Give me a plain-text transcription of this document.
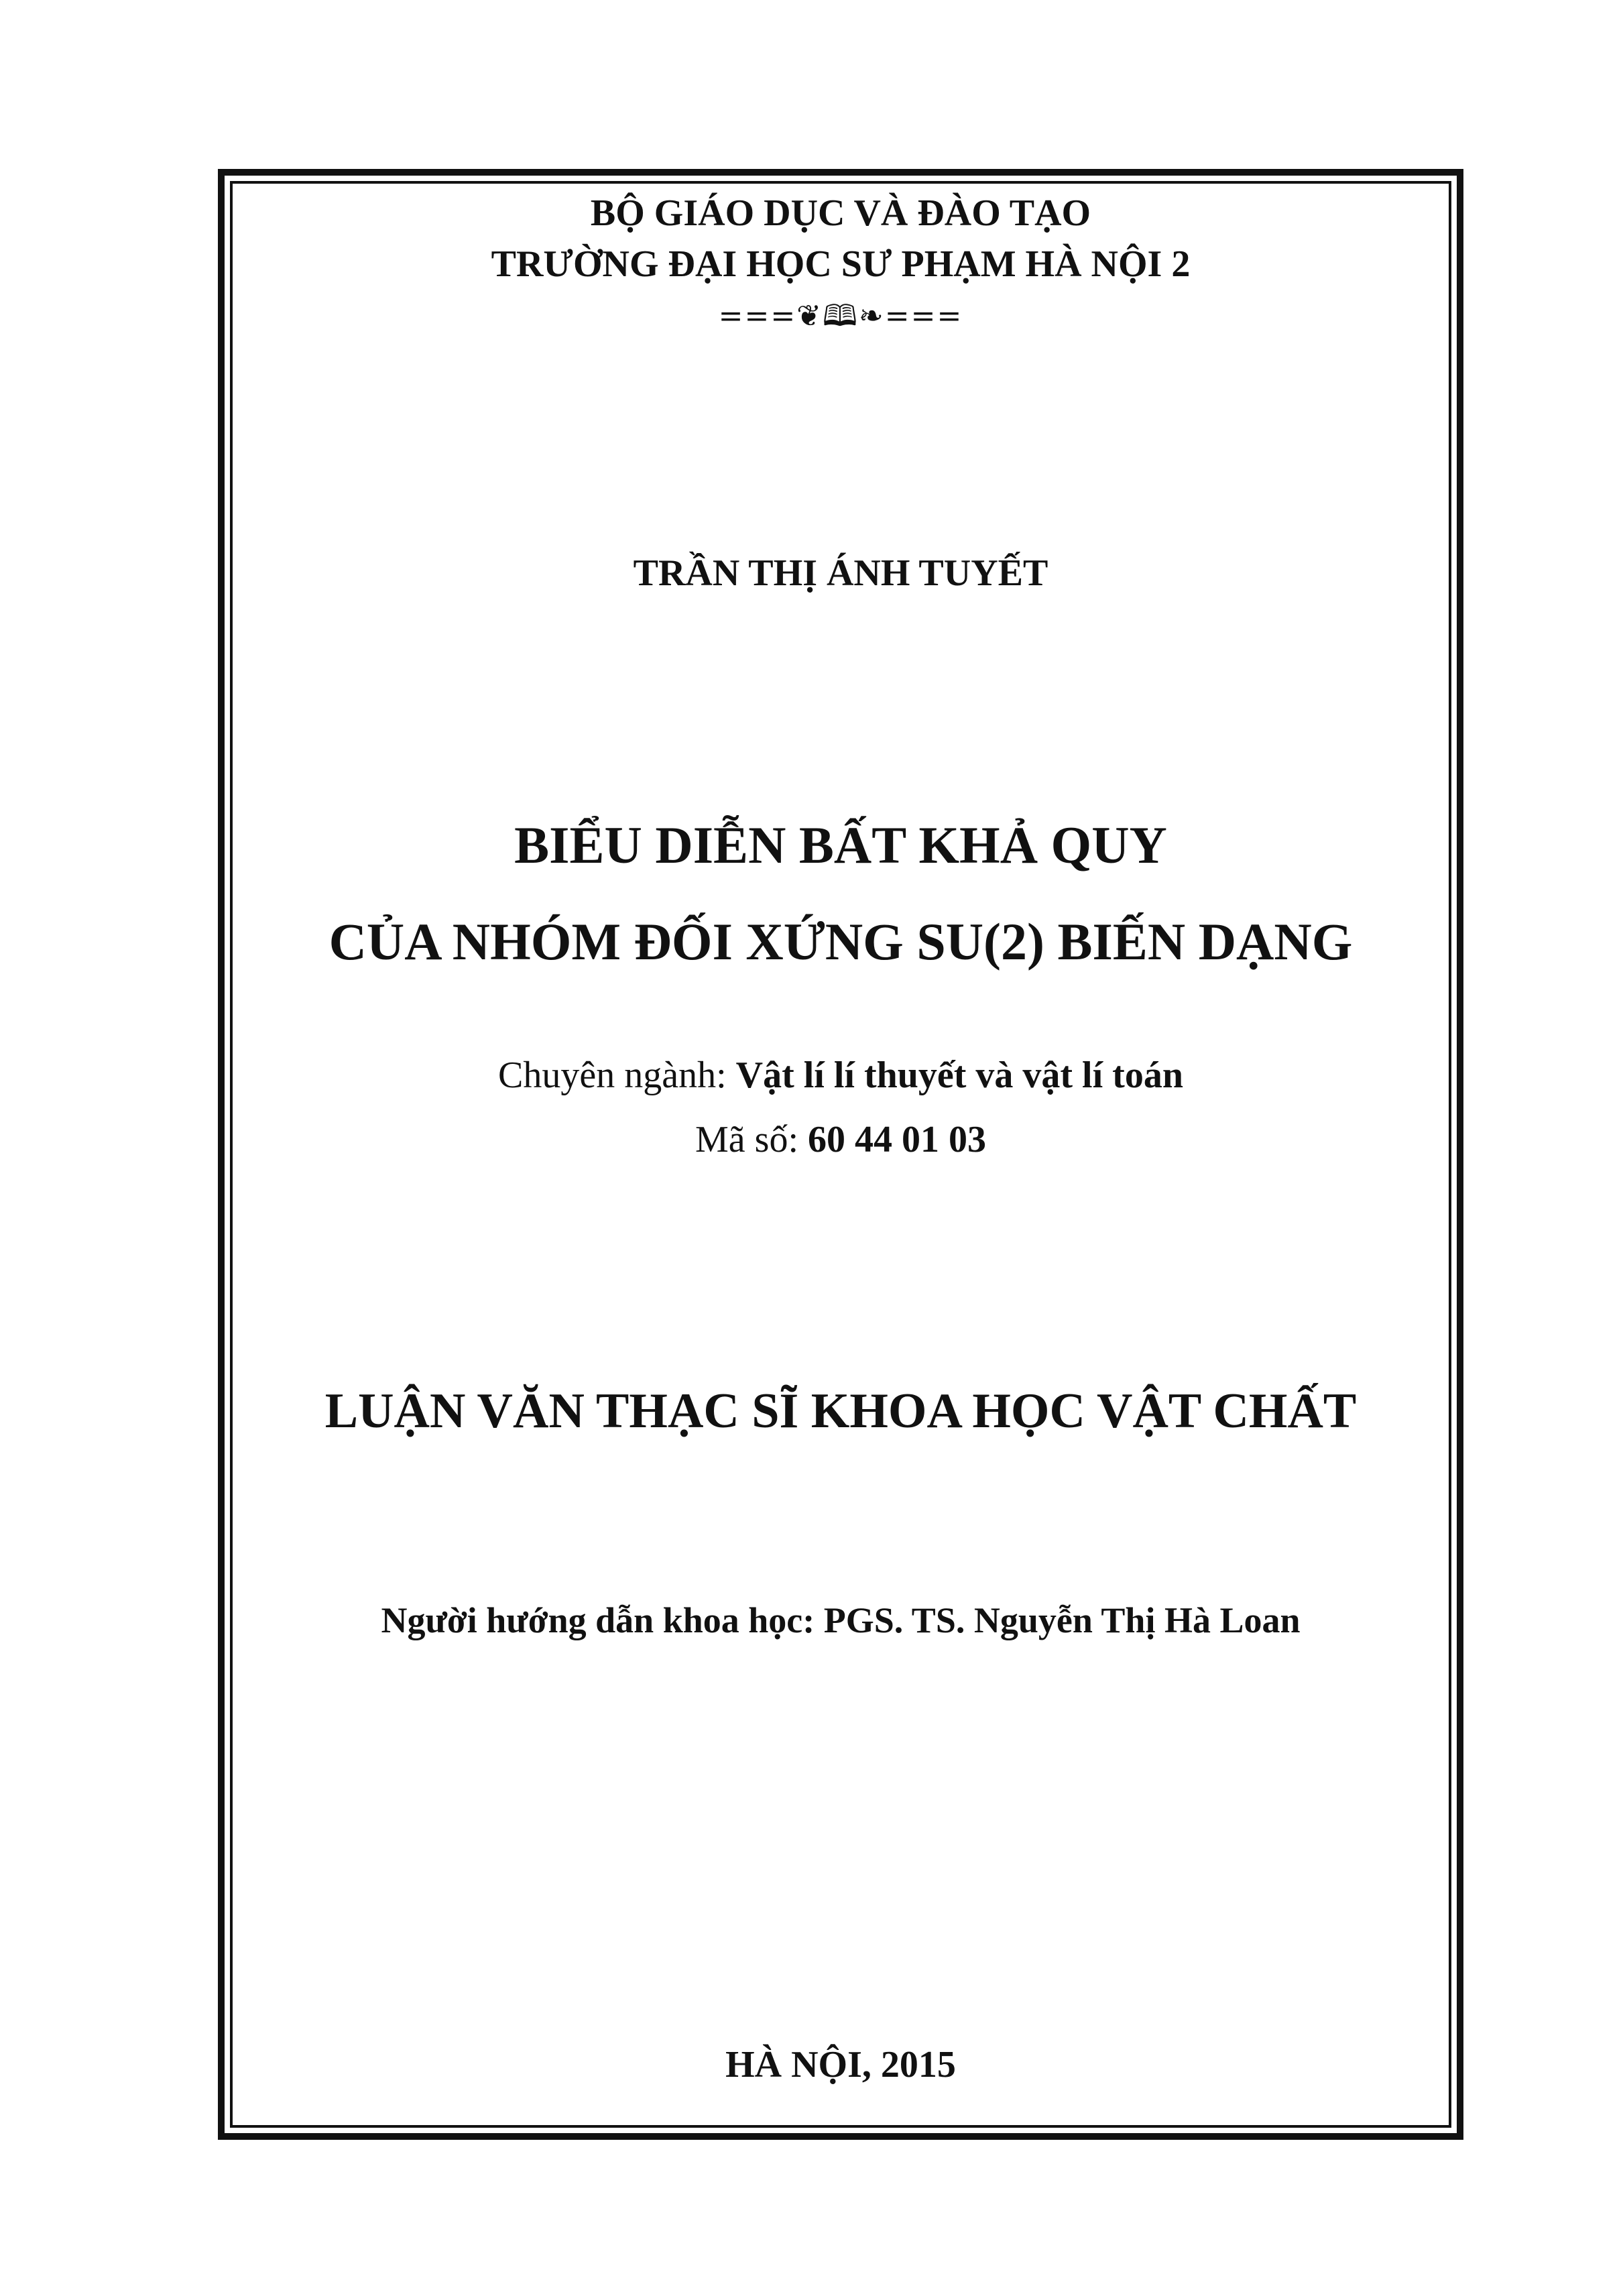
BỘ GIÁO DỤC VÀ ĐÀO TẠO
TRƯỜNG ĐẠI HỌC SƯ PHẠM HÀ NỘI 2
===❦🕮❧===
TRẦN THỊ ÁNH TUYẾT
BIỂU DIỄN BẤT KHẢ QUY
CỦA NHÓM ĐỐI XỨNG SU(2) BIẾN DẠNG
Chuyên ngành: Vật lí lí thuyết và vật lí toán
Mã số: 60 44 01 03
LUẬN VĂN THẠC SĨ KHOA HỌC VẬT CHẤT
Người hướng dẫn khoa học: PGS. TS. Nguyễn Thị Hà Loan
HÀ NỘI, 2015
